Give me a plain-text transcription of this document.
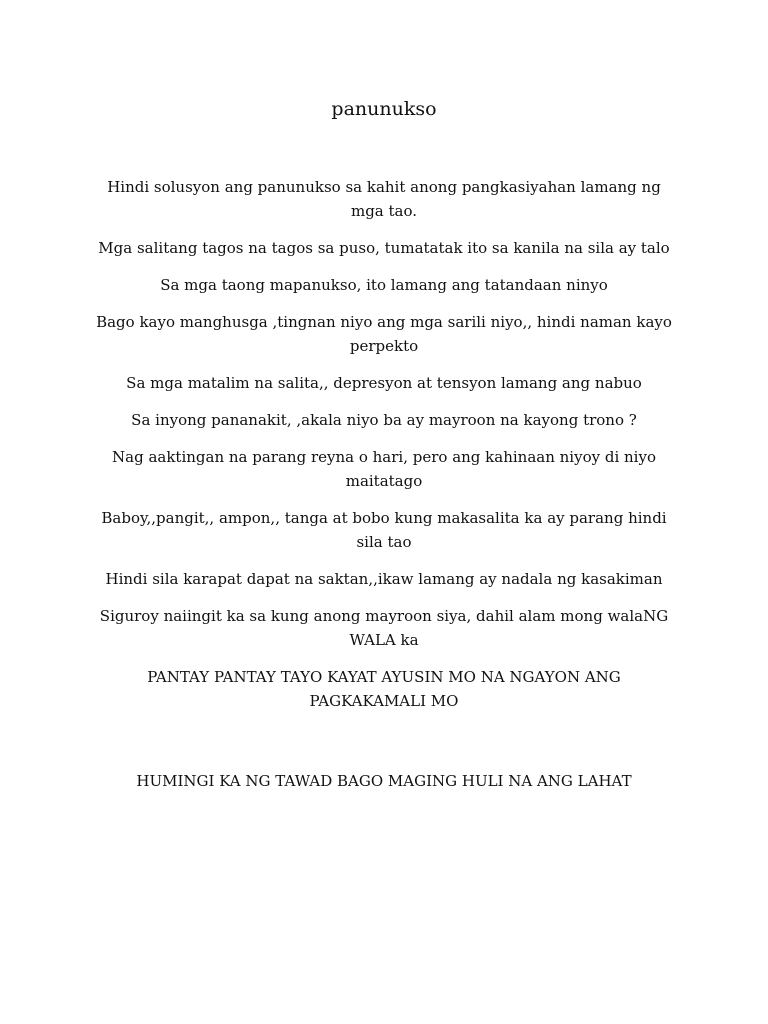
panunukso

Hindi solusyon ang panunukso sa kahit anong pangkasiyahan lamang ng mga tao.

Mga salitang tagos na tagos sa puso, tumatatak ito sa kanila na sila ay talo

Sa mga taong mapanukso, ito lamang ang tatandaan ninyo

Bago kayo manghusga ,tingnan niyo ang mga sarili niyo,, hindi naman kayo perpekto

Sa mga matalim na salita,, depresyon at tensyon lamang ang nabuo

Sa inyong pananakit, ,akala niyo ba ay mayroon na kayong trono ?

Nag aaktingan na parang reyna o hari, pero ang kahinaan niyoy di niyo maitatago

Baboy,,pangit,, ampon,, tanga at bobo kung makasalita ka ay parang hindi sila tao

Hindi sila karapat dapat na saktan,,ikaw lamang ay nadala ng kasakiman

Siguroy naiingit ka sa kung anong mayroon siya, dahil alam mong walaNG WALA ka

PANTAY PANTAY TAYO KAYAT AYUSIN MO NA NGAYON ANG PAGKAKAMALI MO

HUMINGI KA NG TAWAD BAGO MAGING HULI NA ANG LAHAT
